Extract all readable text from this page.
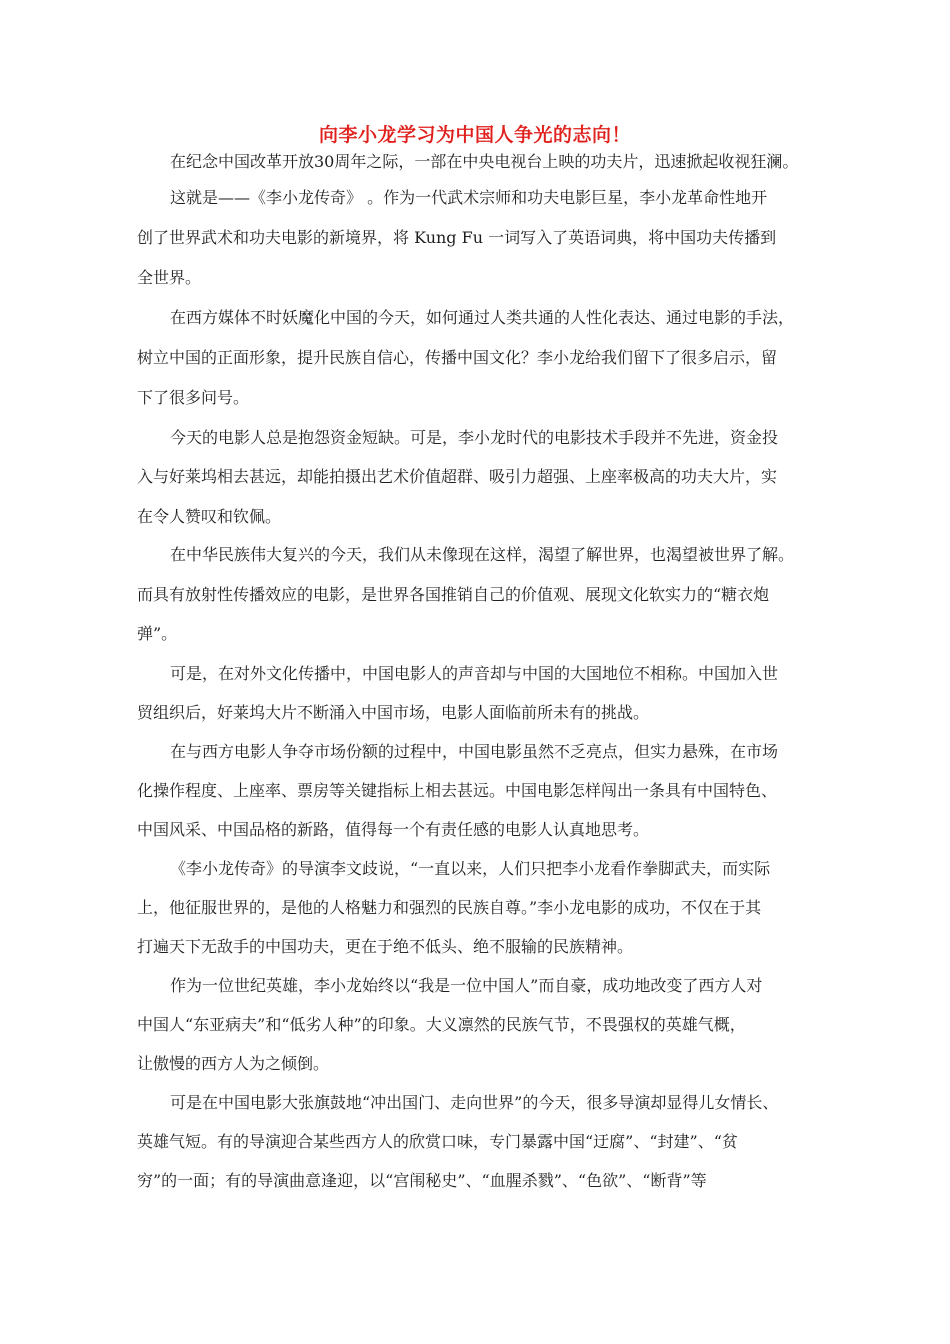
向李小龙学习为中国人争光的志向！
在纪念中国改革开放30周年之际，一部在中央电视台上映的功夫片，迅速掀起收视狂澜。
这就是——《李小龙传奇》 。作为一代武术宗师和功夫电影巨星，李小龙革命性地开
创了世界武术和功夫电影的新境界，将 Kung Fu 一词写入了英语词典，将中国功夫传播到
全世界。
在西方媒体不时妖魔化中国的今天，如何通过人类共通的人性化表达、通过电影的手法，
树立中国的正面形象，提升民族自信心，传播中国文化？李小龙给我们留下了很多启示，留
下了很多问号。
今天的电影人总是抱怨资金短缺。可是，李小龙时代的电影技术手段并不先进，资金投
入与好莱坞相去甚远，却能拍摄出艺术价值超群、吸引力超强、上座率极高的功夫大片，实
在令人赞叹和钦佩。
在中华民族伟大复兴的今天，我们从未像现在这样，渴望了解世界，也渴望被世界了解。
而具有放射性传播效应的电影，是世界各国推销自己的价值观、展现文化软实力的“糖衣炮
弹”。
可是，在对外文化传播中，中国电影人的声音却与中国的大国地位不相称。中国加入世
贸组织后，好莱坞大片不断涌入中国市场，电影人面临前所未有的挑战。
在与西方电影人争夺市场份额的过程中，中国电影虽然不乏亮点，但实力悬殊，在市场
化操作程度、上座率、票房等关键指标上相去甚远。中国电影怎样闯出一条具有中国特色、
中国风采、中国品格的新路，值得每一个有责任感的电影人认真地思考。
《李小龙传奇》的导演李文歧说，“一直以来，人们只把李小龙看作拳脚武夫，而实际
上，他征服世界的，是他的人格魅力和强烈的民族自尊。”李小龙电影的成功，不仅在于其
打遍天下无敌手的中国功夫，更在于绝不低头、绝不服输的民族精神。
作为一位世纪英雄，李小龙始终以“我是一位中国人”而自豪，成功地改变了西方人对
中国人“东亚病夫”和“低劣人种”的印象。大义凛然的民族气节，不畏强权的英雄气概，
让傲慢的西方人为之倾倒。
可是在中国电影大张旗鼓地“冲出国门、走向世界”的今天，很多导演却显得儿女情长、
英雄气短。有的导演迎合某些西方人的欣赏口味，专门暴露中国“迂腐”、“封建”、“贫
穷”的一面；有的导演曲意逢迎，以“宫闱秘史”、“血腥杀戮”、“色欲”、“断背”等
